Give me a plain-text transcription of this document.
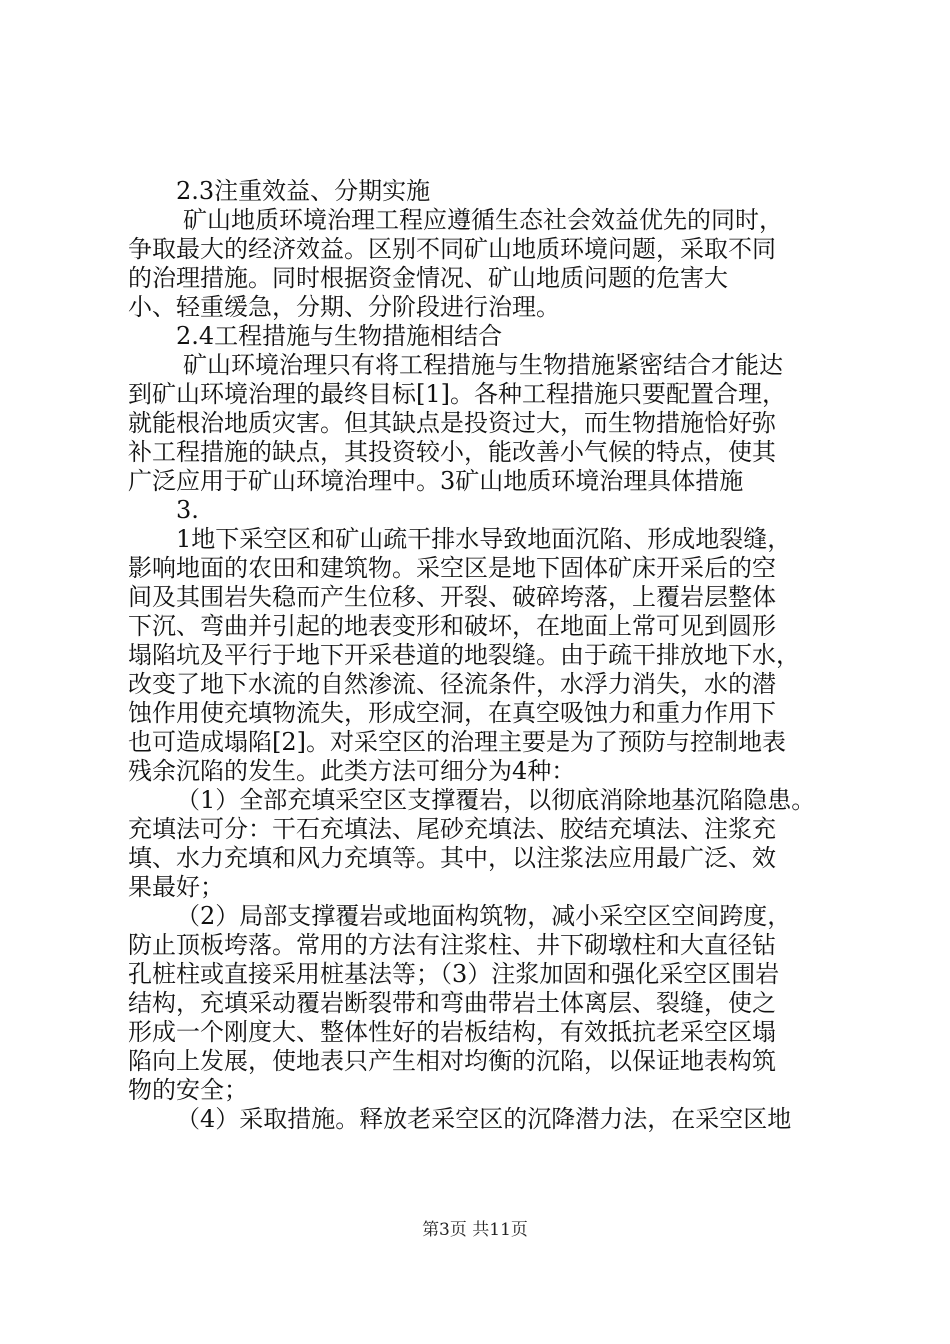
2.3注重效益、分期实施
矿山地质环境治理工程应遵循生态社会效益优先的同时，
争取最大的经济效益。区别不同矿山地质环境问题，采取不同
的治理措施。同时根据资金情况、矿山地质问题的危害大
小、轻重缓急，分期、分阶段进行治理。
2.4工程措施与生物措施相结合
矿山环境治理只有将工程措施与生物措施紧密结合才能达
到矿山环境治理的最终目标[1]。各种工程措施只要配置合理，
就能根治地质灾害。但其缺点是投资过大，而生物措施恰好弥
补工程措施的缺点，其投资较小，能改善小气候的特点，使其
广泛应用于矿山环境治理中。3矿山地质环境治理具体措施
3.
1地下采空区和矿山疏干排水导致地面沉陷、形成地裂缝，
影响地面的农田和建筑物。采空区是地下固体矿床开采后的空
间及其围岩失稳而产生位移、开裂、破碎垮落，上覆岩层整体
下沉、弯曲并引起的地表变形和破坏，在地面上常可见到圆形
塌陷坑及平行于地下开采巷道的地裂缝。由于疏干排放地下水，
改变了地下水流的自然渗流、径流条件，水浮力消失，水的潜
蚀作用使充填物流失，形成空洞，在真空吸蚀力和重力作用下
也可造成塌陷[2]。对采空区的治理主要是为了预防与控制地表
残余沉陷的发生。此类方法可细分为4种：
（1）全部充填采空区支撑覆岩，以彻底消除地基沉陷隐患。
充填法可分：干石充填法、尾砂充填法、胶结充填法、注浆充
填、水力充填和风力充填等。其中，以注浆法应用最广泛、效
果最好；
（2）局部支撑覆岩或地面构筑物，减小采空区空间跨度，
防止顶板垮落。常用的方法有注浆柱、井下砌墩柱和大直径钻
孔桩柱或直接采用桩基法等；（3）注浆加固和强化采空区围岩
结构，充填采动覆岩断裂带和弯曲带岩土体离层、裂缝，使之
形成一个刚度大、整体性好的岩板结构，有效抵抗老采空区塌
陷向上发展，使地表只产生相对均衡的沉陷，以保证地表构筑
物的安全；
（4）采取措施。释放老采空区的沉降潜力法，在采空区地
第3页 共11页
